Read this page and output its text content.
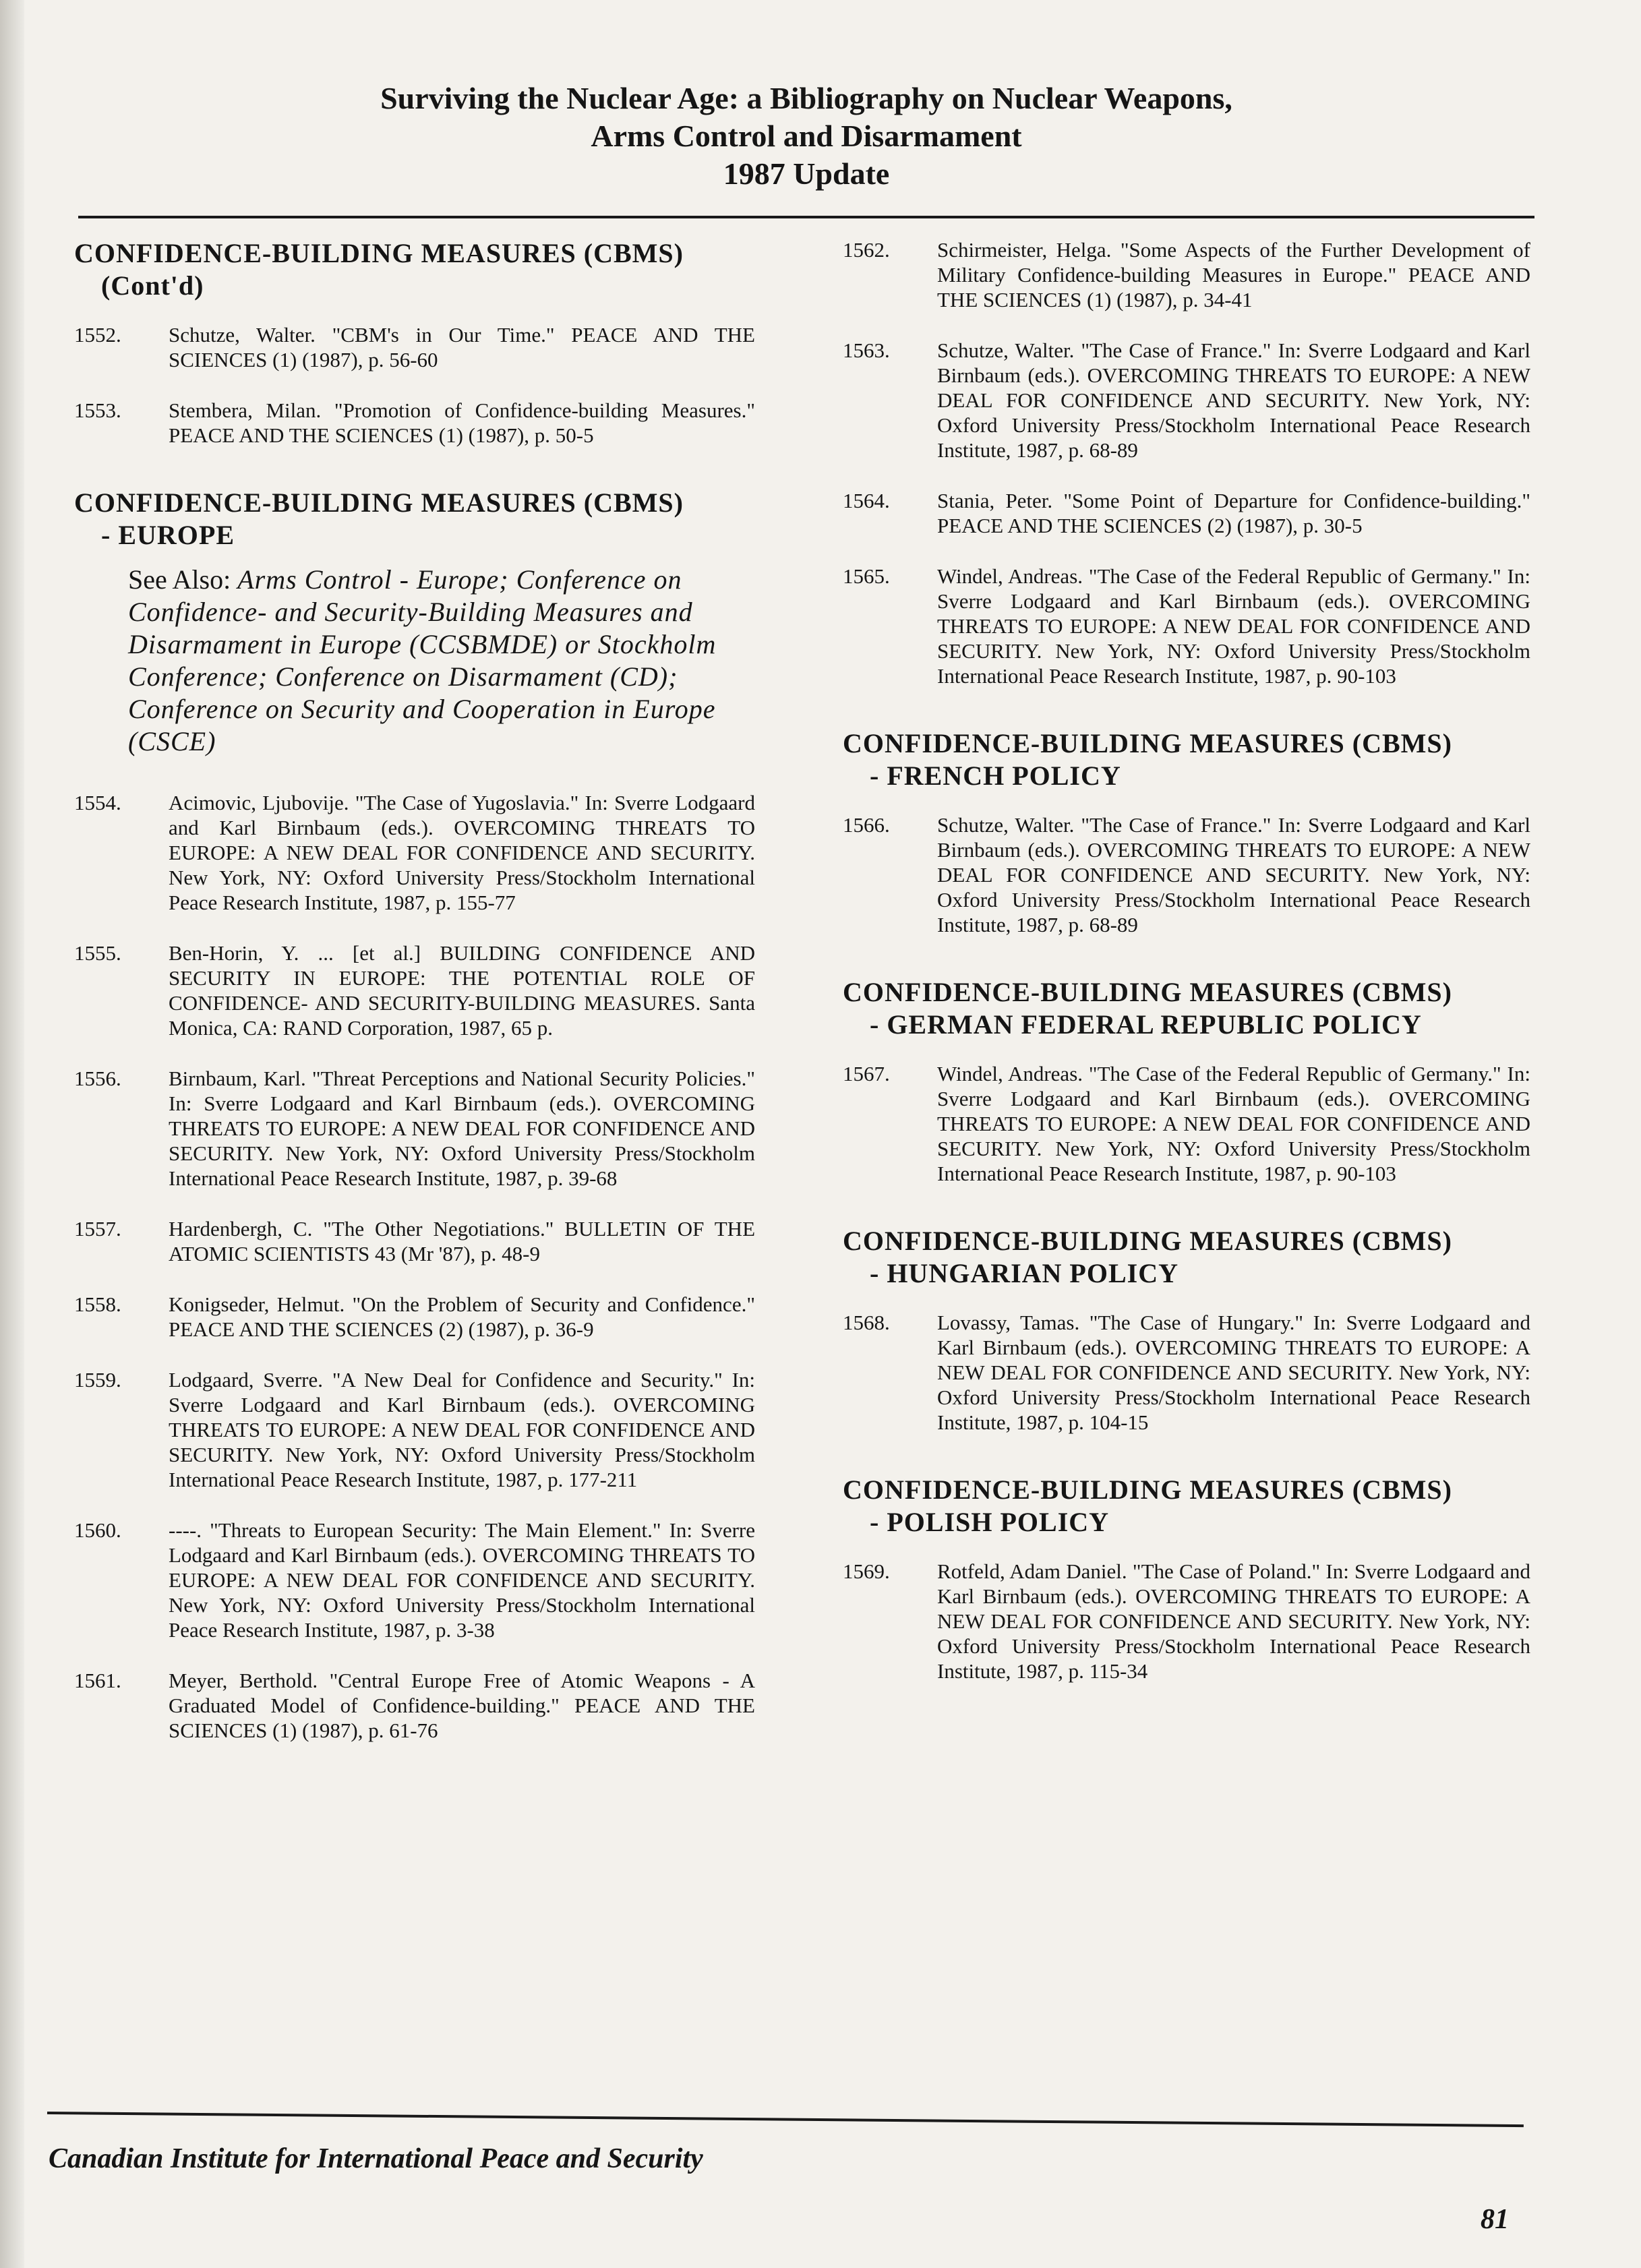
Surviving the Nuclear Age: a Bibliography on Nuclear Weapons,
Arms Control and Disarmament
1987 Update
CONFIDENCE-BUILDING MEASURES (CBMS)
(Cont'd)
1552. Schutze, Walter. "CBM's in Our Time." PEACE AND THE SCIENCES (1) (1987), p. 56-60
1553. Stembera, Milan. "Promotion of Confidence-building Measures." PEACE AND THE SCIENCES (1) (1987), p. 50-5
CONFIDENCE-BUILDING MEASURES (CBMS)
- EUROPE
See Also: Arms Control - Europe; Conference on Confidence- and Security-Building Measures and Disarmament in Europe (CCSBMDE) or Stockholm Conference; Conference on Disarmament (CD); Conference on Security and Cooperation in Europe (CSCE)
1554. Acimovic, Ljubovije. "The Case of Yugoslavia." In: Sverre Lodgaard and Karl Birnbaum (eds.). OVERCOMING THREATS TO EUROPE: A NEW DEAL FOR CONFIDENCE AND SECURITY. New York, NY: Oxford University Press/Stockholm International Peace Research Institute, 1987, p. 155-77
1555. Ben-Horin, Y. ... [et al.] BUILDING CONFIDENCE AND SECURITY IN EUROPE: THE POTENTIAL ROLE OF CONFIDENCE- AND SECURITY-BUILDING MEASURES. Santa Monica, CA: RAND Corporation, 1987, 65 p.
1556. Birnbaum, Karl. "Threat Perceptions and National Security Policies." In: Sverre Lodgaard and Karl Birnbaum (eds.). OVERCOMING THREATS TO EUROPE: A NEW DEAL FOR CONFIDENCE AND SECURITY. New York, NY: Oxford University Press/Stockholm International Peace Research Institute, 1987, p. 39-68
1557. Hardenbergh, C. "The Other Negotiations." BULLETIN OF THE ATOMIC SCIENTISTS 43 (Mr '87), p. 48-9
1558. Konigseder, Helmut. "On the Problem of Security and Confidence." PEACE AND THE SCIENCES (2) (1987), p. 36-9
1559. Lodgaard, Sverre. "A New Deal for Confidence and Security." In: Sverre Lodgaard and Karl Birnbaum (eds.). OVERCOMING THREATS TO EUROPE: A NEW DEAL FOR CONFIDENCE AND SECURITY. New York, NY: Oxford University Press/Stockholm International Peace Research Institute, 1987, p. 177-211
1560. ----. "Threats to European Security: The Main Element." In: Sverre Lodgaard and Karl Birnbaum (eds.). OVERCOMING THREATS TO EUROPE: A NEW DEAL FOR CONFIDENCE AND SECURITY. New York, NY: Oxford University Press/Stockholm International Peace Research Institute, 1987, p. 3-38
1561. Meyer, Berthold. "Central Europe Free of Atomic Weapons - A Graduated Model of Confidence-building." PEACE AND THE SCIENCES (1) (1987), p. 61-76
1562. Schirmeister, Helga. "Some Aspects of the Further Development of Military Confidence-building Measures in Europe." PEACE AND THE SCIENCES (1) (1987), p. 34-41
1563. Schutze, Walter. "The Case of France." In: Sverre Lodgaard and Karl Birnbaum (eds.). OVERCOMING THREATS TO EUROPE: A NEW DEAL FOR CONFIDENCE AND SECURITY. New York, NY: Oxford University Press/Stockholm International Peace Research Institute, 1987, p. 68-89
1564. Stania, Peter. "Some Point of Departure for Confidence-building." PEACE AND THE SCIENCES (2) (1987), p. 30-5
1565. Windel, Andreas. "The Case of the Federal Republic of Germany." In: Sverre Lodgaard and Karl Birnbaum (eds.). OVERCOMING THREATS TO EUROPE: A NEW DEAL FOR CONFIDENCE AND SECURITY. New York, NY: Oxford University Press/Stockholm International Peace Research Institute, 1987, p. 90-103
CONFIDENCE-BUILDING MEASURES (CBMS)
- FRENCH POLICY
1566. Schutze, Walter. "The Case of France." In: Sverre Lodgaard and Karl Birnbaum (eds.). OVERCOMING THREATS TO EUROPE: A NEW DEAL FOR CONFIDENCE AND SECURITY. New York, NY: Oxford University Press/Stockholm International Peace Research Institute, 1987, p. 68-89
CONFIDENCE-BUILDING MEASURES (CBMS)
- GERMAN FEDERAL REPUBLIC POLICY
1567. Windel, Andreas. "The Case of the Federal Republic of Germany." In: Sverre Lodgaard and Karl Birnbaum (eds.). OVERCOMING THREATS TO EUROPE: A NEW DEAL FOR CONFIDENCE AND SECURITY. New York, NY: Oxford University Press/Stockholm International Peace Research Institute, 1987, p. 90-103
CONFIDENCE-BUILDING MEASURES (CBMS)
- HUNGARIAN POLICY
1568. Lovassy, Tamas. "The Case of Hungary." In: Sverre Lodgaard and Karl Birnbaum (eds.). OVERCOMING THREATS TO EUROPE: A NEW DEAL FOR CONFIDENCE AND SECURITY. New York, NY: Oxford University Press/Stockholm International Peace Research Institute, 1987, p. 104-15
CONFIDENCE-BUILDING MEASURES (CBMS)
- POLISH POLICY
1569. Rotfeld, Adam Daniel. "The Case of Poland." In: Sverre Lodgaard and Karl Birnbaum (eds.). OVERCOMING THREATS TO EUROPE: A NEW DEAL FOR CONFIDENCE AND SECURITY. New York, NY: Oxford University Press/Stockholm International Peace Research Institute, 1987, p. 115-34
Canadian Institute for International Peace and Security
81
